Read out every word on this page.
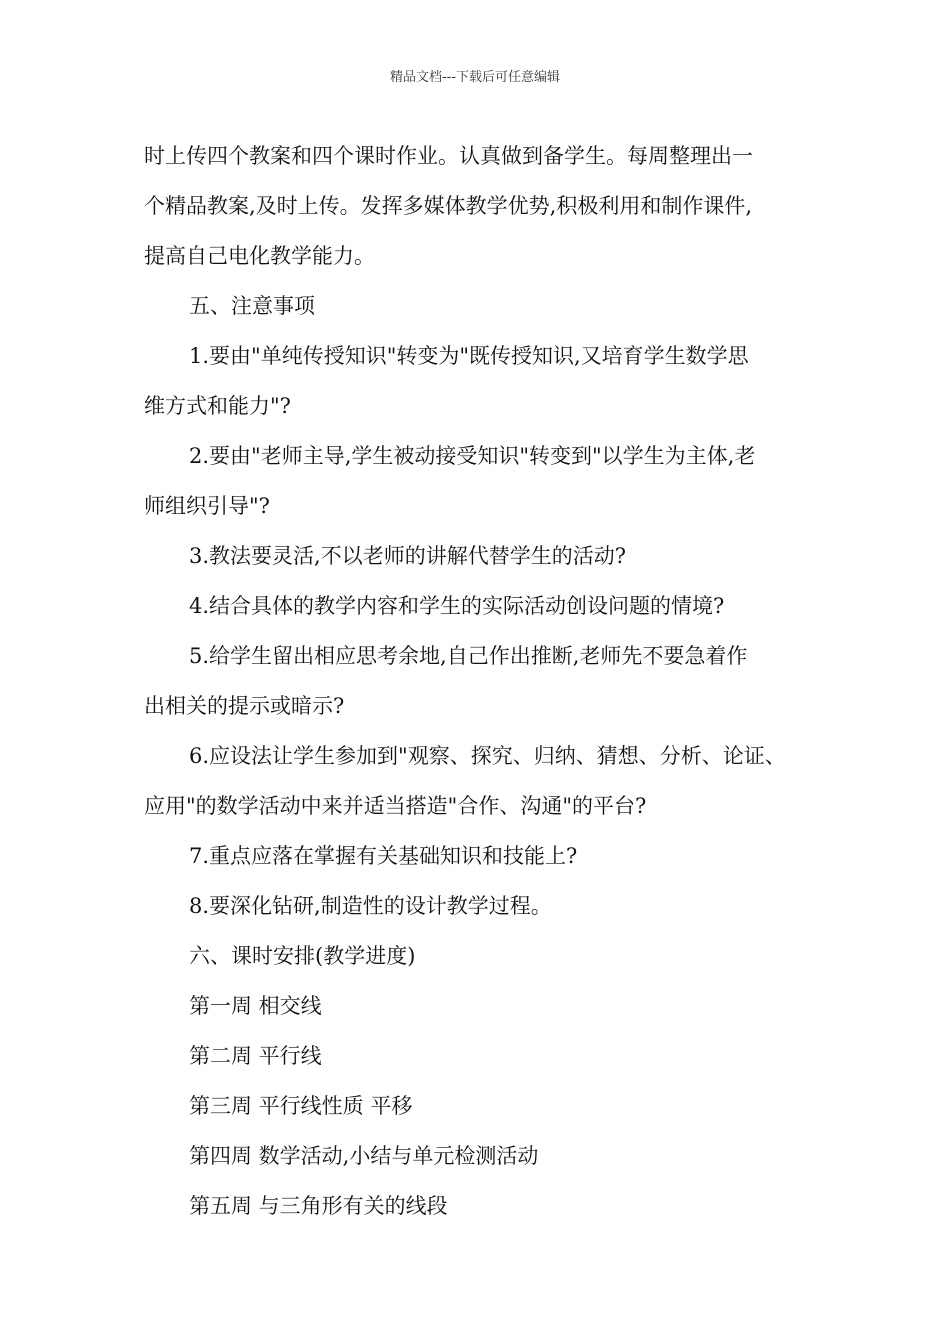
精品文档---下载后可任意编辑
时上传四个教案和四个课时作业。认真做到备学生。每周整理出一
个精品教案,及时上传。发挥多媒体教学优势,积极利用和制作课件,
提高自己电化教学能力。
五、注意事项
1.要由"单纯传授知识"转变为"既传授知识,又培育学生数学思
维方式和能力"?
2.要由"老师主导,学生被动接受知识"转变到"以学生为主体,老
师组织引导"?
3.教法要灵活,不以老师的讲解代替学生的活动?
4.结合具体的教学内容和学生的实际活动创设问题的情境?
5.给学生留出相应思考余地,自己作出推断,老师先不要急着作
出相关的提示或暗示?
6.应设法让学生参加到"观察、探究、归纳、猜想、分析、论证、
应用"的数学活动中来并适当搭造"合作、沟通"的平台?
7.重点应落在掌握有关基础知识和技能上?
8.要深化钻研,制造性的设计教学过程。
六、课时安排(教学进度)
第一周 相交线
第二周 平行线
第三周 平行线性质 平移
第四周 数学活动,小结与单元检测活动
第五周 与三角形有关的线段
